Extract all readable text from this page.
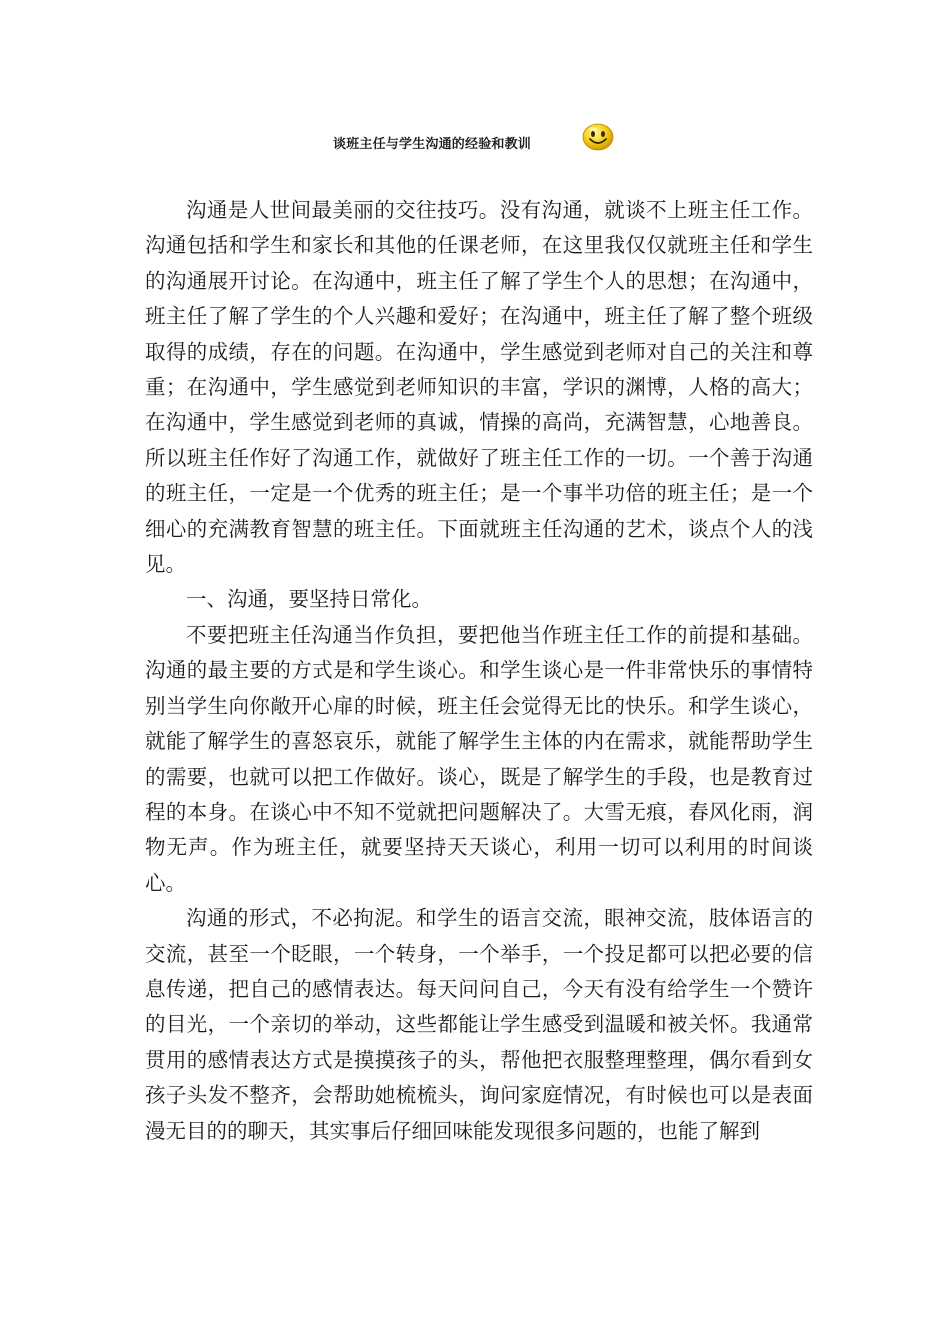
谈班主任与学生沟通的经验和教训

沟通是人世间最美丽的交往技巧。没有沟通，就谈不上班主任工作。沟通包括和学生和家长和其他的任课老师，在这里我仅仅就班主任和学生的沟通展开讨论。在沟通中，班主任了解了学生个人的思想；在沟通中，班主任了解了学生的个人兴趣和爱好；在沟通中，班主任了解了整个班级取得的成绩，存在的问题。在沟通中，学生感觉到老师对自己的关注和尊重；在沟通中，学生感觉到老师知识的丰富，学识的渊博，人格的高大；在沟通中，学生感觉到老师的真诚，情操的高尚，充满智慧，心地善良。所以班主任作好了沟通工作，就做好了班主任工作的一切。一个善于沟通的班主任，一定是一个优秀的班主任；是一个事半功倍的班主任；是一个细心的充满教育智慧的班主任。下面就班主任沟通的艺术，谈点个人的浅见。

一、沟通，要坚持日常化。

不要把班主任沟通当作负担，要把他当作班主任工作的前提和基础。沟通的最主要的方式是和学生谈心。和学生谈心是一件非常快乐的事情特别当学生向你敞开心扉的时候，班主任会觉得无比的快乐。和学生谈心，就能了解学生的喜怒哀乐，就能了解学生主体的内在需求，就能帮助学生的需要，也就可以把工作做好。谈心，既是了解学生的手段，也是教育过程的本身。在谈心中不知不觉就把问题解决了。大雪无痕，春风化雨，润物无声。作为班主任，就要坚持天天谈心，利用一切可以利用的时间谈心。

沟通的形式，不必拘泥。和学生的语言交流，眼神交流，肢体语言的交流，甚至一个眨眼，一个转身，一个举手，一个投足都可以把必要的信息传递，把自己的感情表达。每天问问自己，今天有没有给学生一个赞许的目光，一个亲切的举动，这些都能让学生感受到温暖和被关怀。我通常贯用的感情表达方式是摸摸孩子的头，帮他把衣服整理整理，偶尔看到女孩子头发不整齐，会帮助她梳梳头，询问家庭情况，有时候也可以是表面漫无目的的聊天，其实事后仔细回味能发现很多问题的，也能了解到
